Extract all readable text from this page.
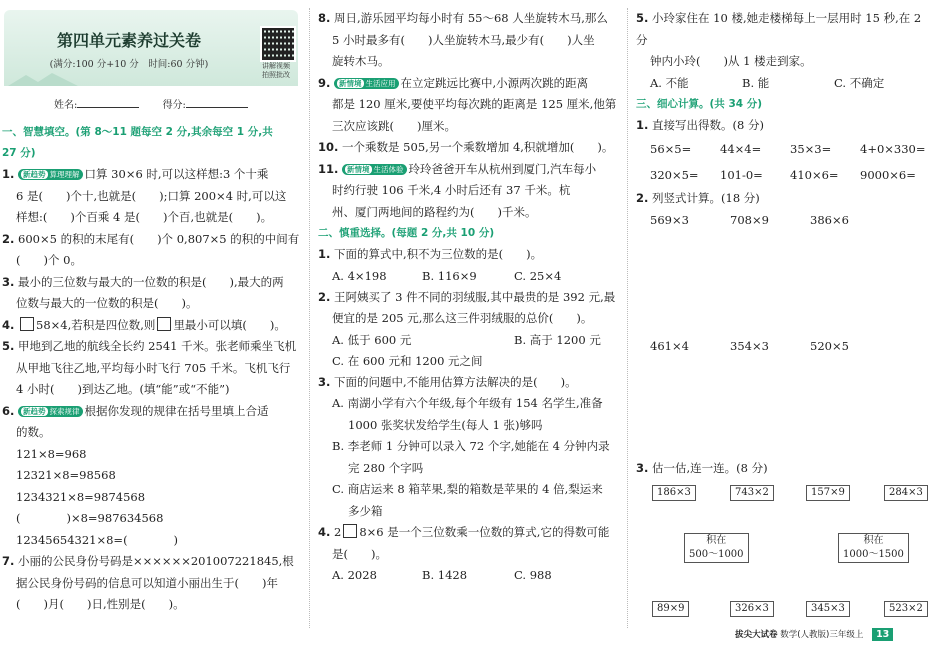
第四单元素养过关卷
(满分:100 分+10 分　时间:60 分钟)	讲解视频
拍照批改
姓名:	得分:
一、智慧填空。(第 8～11 题每空 2 分,其余每空 1 分,共
27 分)

1. 新趋势 算理理解 口算 30×6 时,可以这样想:3 个十乘

6 是(　　)个十,也就是(　　);口算 200×4 时,可以这

样想:(　　)个百乘 4 是(　　)个百,也就是(　　)。

2. 600×5 的积的末尾有(　　)个 0,807×5 的积的中间有

(　　)个 0。

3. 最小的三位数与最大的一位数的积是(　　),最大的两

位数与最大的一位数的积是(　　)。

4. 58×4,若积是四位数,则 里最小可以填(　　)。

5. 甲地到乙地的航线全长约 2541 千米。张老师乘坐飞机

从甲地飞往乙地,平均每小时飞行 705 千米。飞机飞行

4 小时(　　)到达乙地。(填“能”或“不能”)

6. 新趋势 探索规律 根据你发现的规律在括号里填上合适

的数。

121×8=968

12321×8=98568

1234321×8=9874568

(　　　　)×8=987634568

12345654321×8=(　　　　)

7. 小丽的公民身份号码是××××××201007221845,根

据公民身份号码的信息可以知道小丽出生于(　　)年

(　　)月(　　)日,性别是(　　)。

8. 周日,游乐园平均每小时有 55～68 人坐旋转木马,那么

5 小时最多有(　　)人坐旋转木马,最少有(　　)人坐

旋转木马。

9. 新情境 生活应用 在立定跳远比赛中,小源两次跳的距离

都是 120 厘米,要使平均每次跳的距离是 125 厘米,他第

三次应该跳(　　)厘米。

10. 一个乘数是 505,另一个乘数增加 4,积就增加(　　)。

11. 新情境 生活体验 玲玲爸爸开车从杭州到厦门,汽车每小

时约行驶 106 千米,4 小时后还有 37 千米。杭

州、厦门两地间的路程约为(　　)千米。

二、慎重选择。(每题 2 分,共 10 分)

1. 下面的算式中,积不为三位数的是(　　)。

A. 4×198	B. 116×9	C. 25×4

2. 王阿姨买了 3 件不同的羽绒服,其中最贵的是 392 元,最

便宜的是 205 元,那么这三件羽绒服的总价(　　)。

A. 低于 600 元	B. 高于 1200 元
C. 在 600 元和 1200 元之间

3. 下面的问题中,不能用估算方法解决的是(　　)。

A. 南湖小学有六个年级,每个年级有 154 名学生,准备

1000 张奖状发给学生(每人 1 张)够吗

B. 李老师 1 分钟可以录入 72 个字,她能在 4 分钟内录

完 280 个字吗

C. 商店运来 8 箱苹果,梨的箱数是苹果的 4 倍,梨运来

多少箱

4. 2 8×6 是一个三位数乘一位数的算式,它的得数可能

是(　　)。

A. 2028	B. 1428	C. 988

5. 小玲家住在 10 楼,她走楼梯每上一层用时 15 秒,在 2 分

钟内小玲(　　)从 1 楼走到家。

A. 不能	B. 能	C. 不确定
三、细心计算。(共 34 分)

1. 直接写出得数。(8 分)

56×5=	44×4=	35×3=	4+0×330=
320×5=	101-0=	410×6=	9000×6=

2. 列竖式计算。(18 分)

569×3	708×9	386×6
461×4	354×3	520×5

3. 估一估,连一连。(8 分)

186×3	743×2	157×9	284×3
积在
500～1000
积在
1000～1500
89×9	326×3	345×3	523×2
拔尖大试卷 数学(人教版)三年级上 13
